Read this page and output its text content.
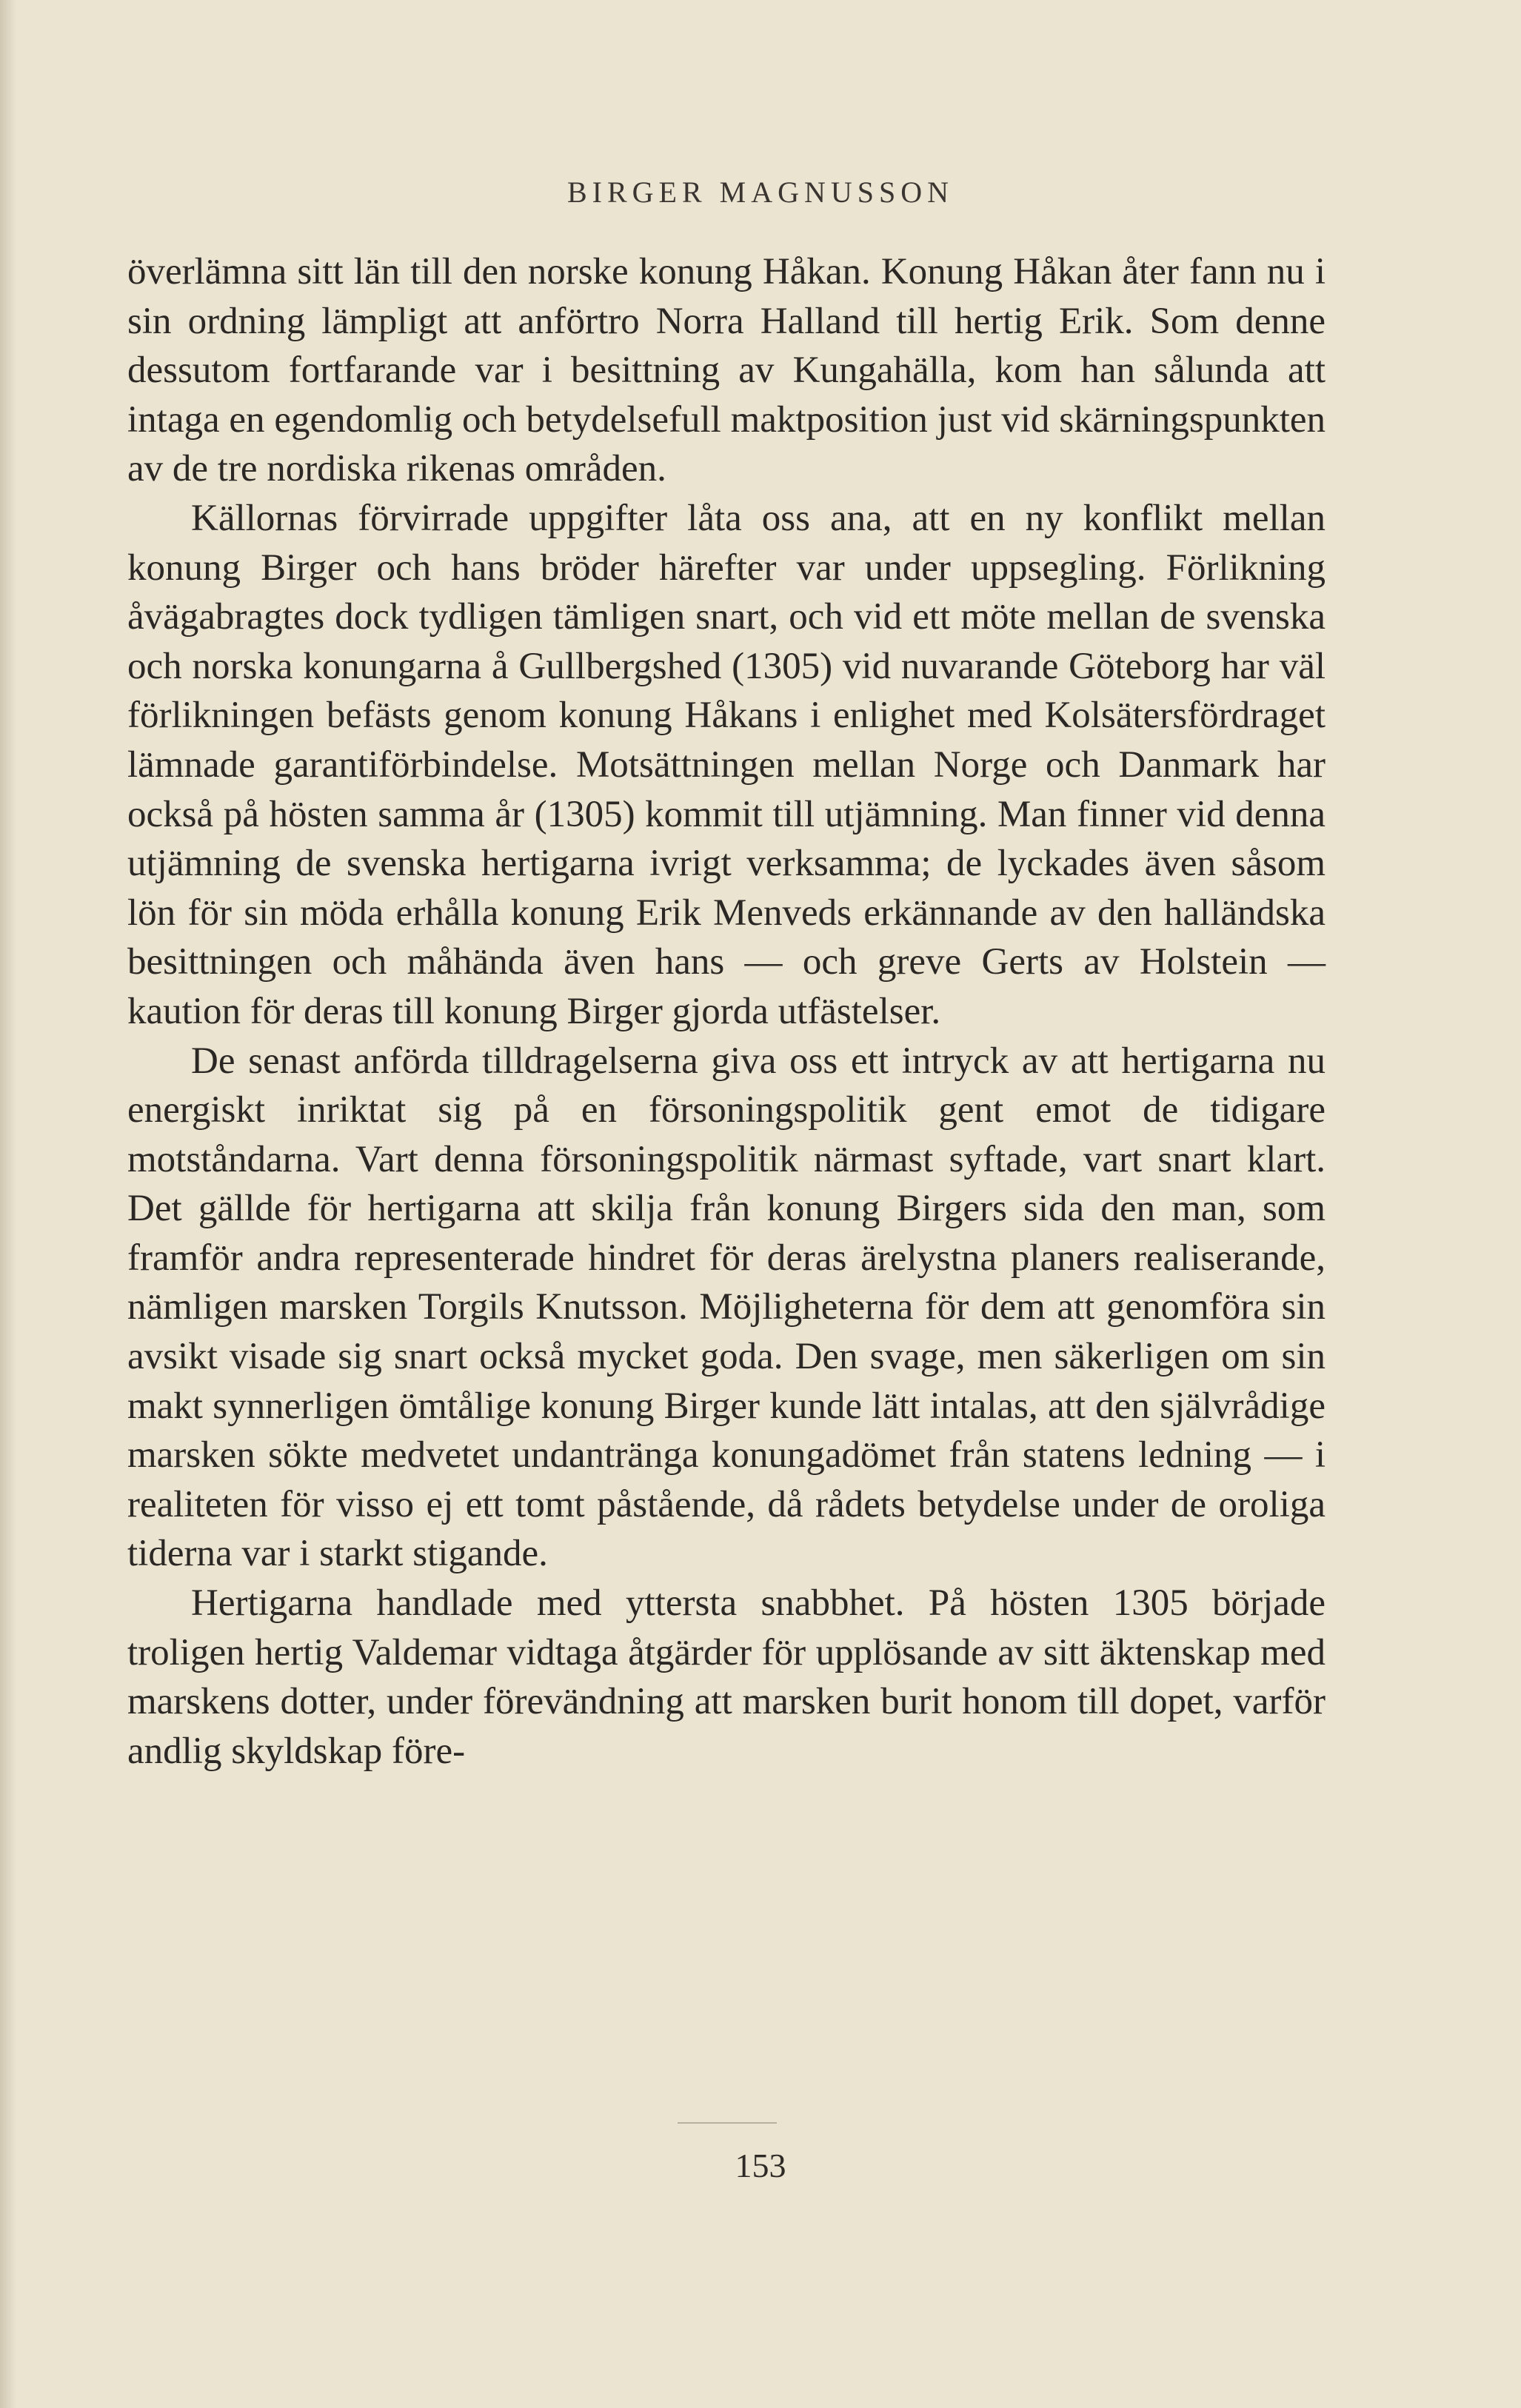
BIRGER MAGNUSSON

överlämna sitt län till den norske konung Håkan. Konung Håkan åter fann nu i sin ordning lämpligt att anförtro Norra Halland till hertig Erik. Som denne dessutom fortfarande var i besittning av Kungahälla, kom han sålunda att intaga en egendomlig och betydelsefull maktposition just vid skärningspunkten av de tre nordiska rikenas områden.

Källornas förvirrade uppgifter låta oss ana, att en ny konflikt mellan konung Birger och hans bröder härefter var under uppsegling. Förlikning åvägabragtes dock tydligen tämligen snart, och vid ett möte mellan de svenska och norska konungarna å Gullbergshed (1305) vid nuvarande Göteborg har väl förlikningen befästs genom konung Håkans i enlighet med Kolsätersfördraget lämnade garantiförbindelse. Motsättningen mellan Norge och Danmark har också på hösten samma år (1305) kommit till utjämning. Man finner vid denna utjämning de svenska hertigarna ivrigt verksamma; de lyckades även såsom lön för sin möda erhålla konung Erik Menveds erkännande av den halländska besittningen och måhända även hans — och greve Gerts av Holstein — kaution för deras till konung Birger gjorda utfästelser.

De senast anförda tilldragelserna giva oss ett intryck av att hertigarna nu energiskt inriktat sig på en försoningspolitik gent emot de tidigare motståndarna. Vart denna försoningspolitik närmast syftade, vart snart klart. Det gällde för hertigarna att skilja från konung Birgers sida den man, som framför andra representerade hindret för deras ärelystna planers realiserande, nämligen marsken Torgils Knutsson. Möjligheterna för dem att genomföra sin avsikt visade sig snart också mycket goda. Den svage, men säkerligen om sin makt synnerligen ömtålige konung Birger kunde lätt intalas, att den självrådige marsken sökte medvetet undantränga konungadömet från statens ledning — i realiteten för visso ej ett tomt påstående, då rådets betydelse under de oroliga tiderna var i starkt stigande.

Hertigarna handlade med yttersta snabbhet. På hösten 1305 började troligen hertig Valdemar vidtaga åtgärder för upplösande av sitt äktenskap med marskens dotter, under förevändning att marsken burit honom till dopet, varför andlig skyldskap före-

153
